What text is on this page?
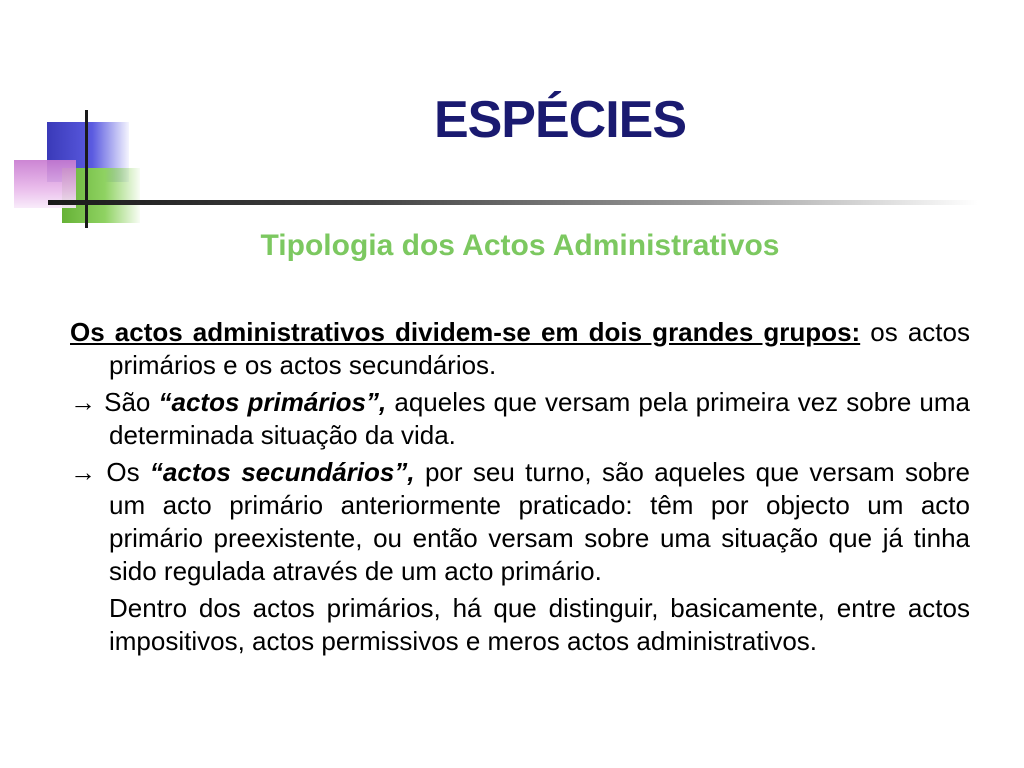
ESPÉCIES
Tipologia dos Actos Administrativos

Os actos administrativos dividem-se em dois grandes grupos: os actos primários e os actos secundários.

→ São “actos primários”, aqueles que versam pela primeira vez sobre uma determinada situação da vida.

→ Os “actos secundários”, por seu turno, são aqueles que versam sobre um acto primário anteriormente praticado: têm por objecto um acto primário preexistente, ou então versam sobre uma situação que já tinha sido regulada através de um acto primário.

Dentro dos actos primários, há que distinguir, basicamente, entre actos impositivos, actos permissivos e meros actos administrativos.
